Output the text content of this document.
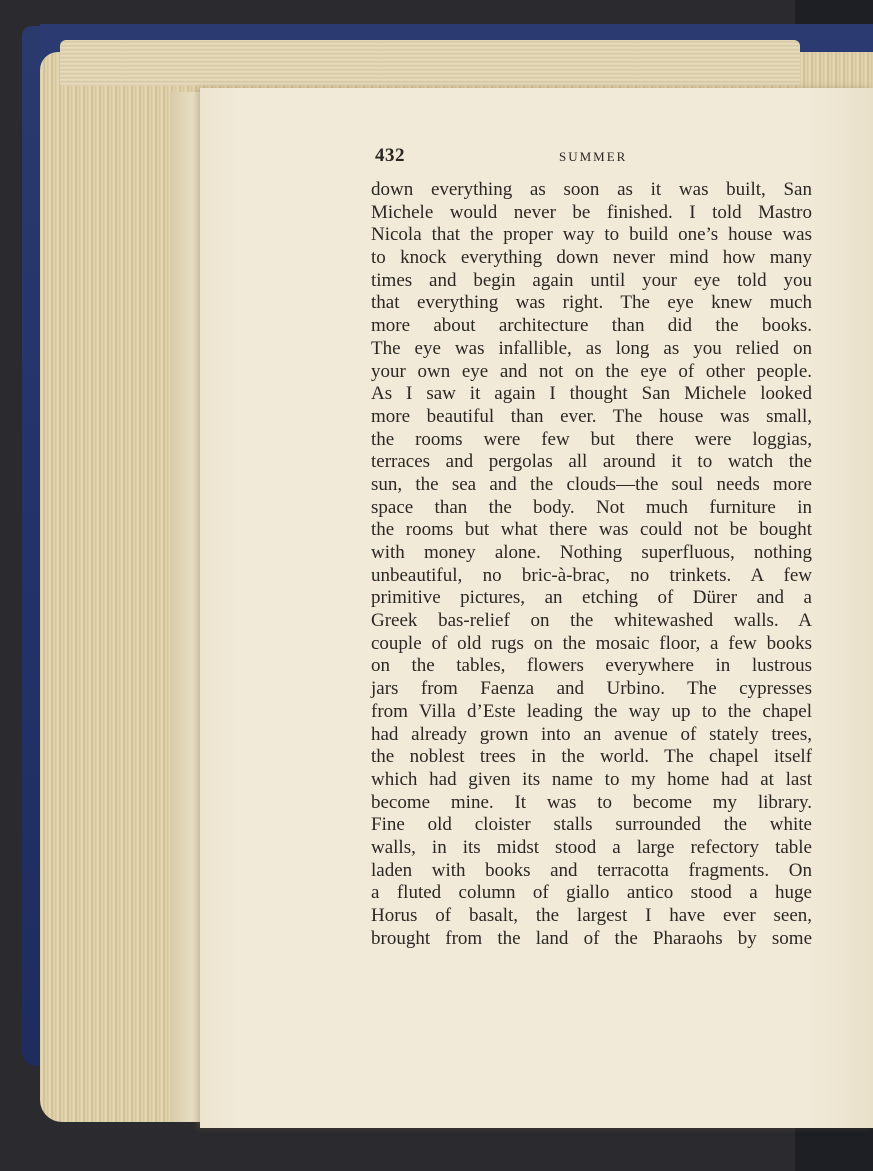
432	SUMMER
down everything as soon as it was built, San
Michele would never be finished. I told Mastro
Nicola that the proper way to build one’s house was
to knock everything down never mind how many
times and begin again until your eye told you
that everything was right. The eye knew much
more about architecture than did the books.
The eye was infallible, as long as you relied on
your own eye and not on the eye of other people.
As I saw it again I thought San Michele looked
more beautiful than ever. The house was small,
the rooms were few but there were loggias,
terraces and pergolas all around it to watch the
sun, the sea and the clouds—the soul needs more
space than the body. Not much furniture in
the rooms but what there was could not be bought
with money alone. Nothing superfluous, nothing
unbeautiful, no bric-à-brac, no trinkets. A few
primitive pictures, an etching of Dürer and a
Greek bas-relief on the whitewashed walls. A
couple of old rugs on the mosaic floor, a few books
on the tables, flowers everywhere in lustrous
jars from Faenza and Urbino. The cypresses
from Villa d’Este leading the way up to the chapel
had already grown into an avenue of stately trees,
the noblest trees in the world. The chapel itself
which had given its name to my home had at last
become mine. It was to become my library.
Fine old cloister stalls surrounded the white
walls, in its midst stood a large refectory table
laden with books and terracotta fragments. On
a fluted column of giallo antico stood a huge
Horus of basalt, the largest I have ever seen,
brought from the land of the Pharaohs by some
